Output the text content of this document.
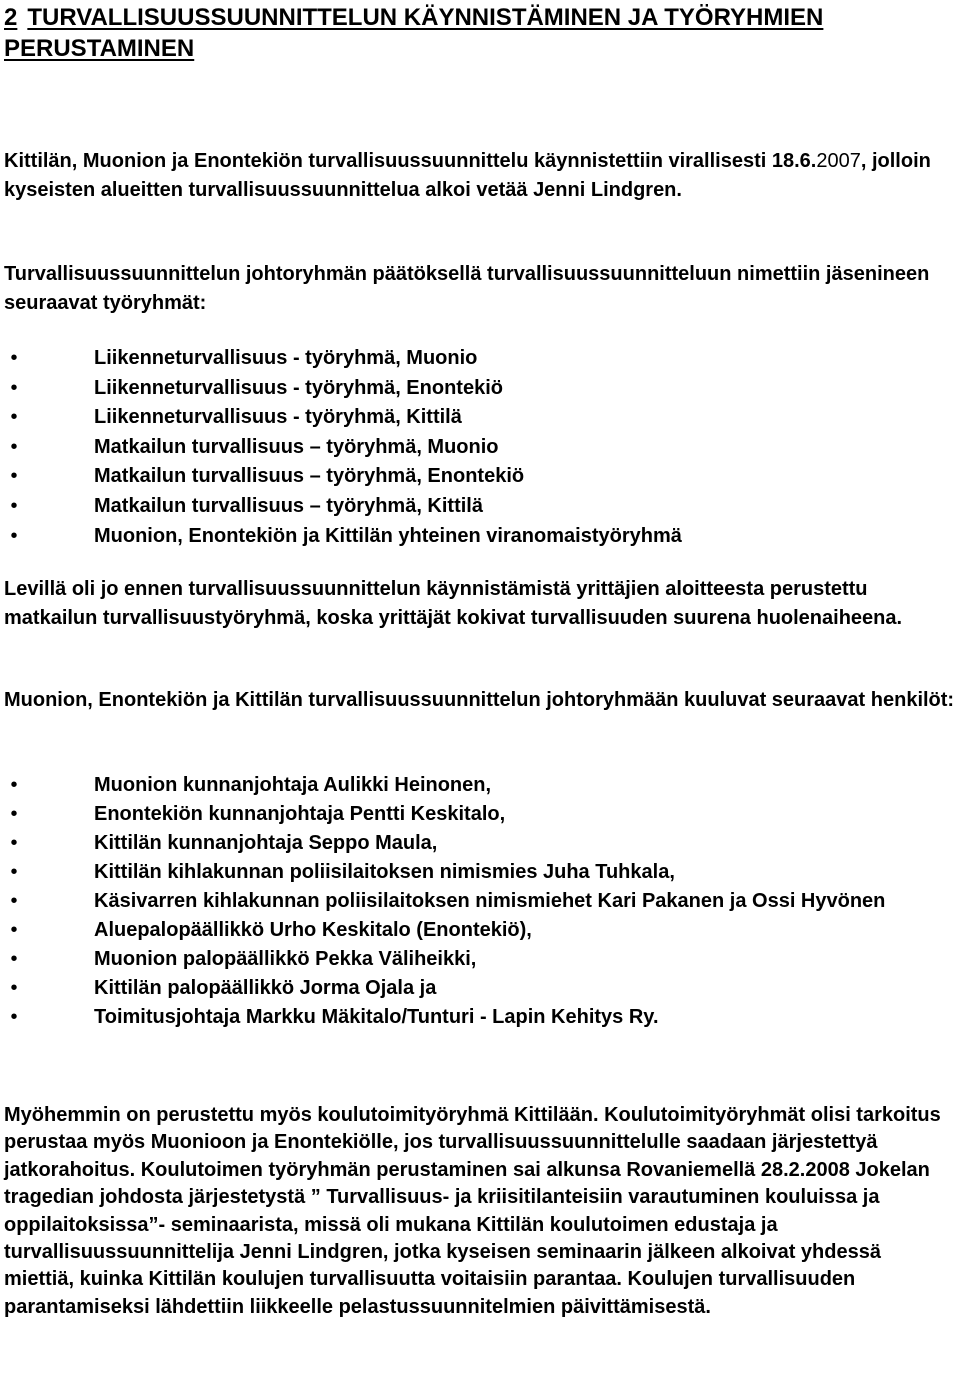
2 TURVALLISUUSSUUNNITTELUN KÄYNNISTÄMINEN JA TYÖRYHMIEN PERUSTAMINEN

Kittilän, Muonion ja Enontekiön turvallisuussuunnittelu käynnistettiin virallisesti 18.6.2007, jolloin kyseisten alueitten turvallisuussuunnittelua alkoi vetää Jenni Lindgren.

Turvallisuussuunnittelun johtoryhmän päätöksellä turvallisuussuunnitteluun nimettiin jäsenineen seuraavat työryhmät:

•	Liikenneturvallisuus - työryhmä, Muonio
•	Liikenneturvallisuus - työryhmä, Enontekiö
•	Liikenneturvallisuus - työryhmä, Kittilä
•	Matkailun turvallisuus – työryhmä, Muonio
•	Matkailun turvallisuus – työryhmä, Enontekiö
•	Matkailun turvallisuus – työryhmä, Kittilä
•	Muonion, Enontekiön ja Kittilän yhteinen viranomaistyöryhmä

Levillä oli jo ennen turvallisuussuunnittelun käynnistämistä yrittäjien aloitteesta perustettu matkailun turvallisuustyöryhmä, koska yrittäjät kokivat turvallisuuden suurena huolenaiheena.

Muonion, Enontekiön ja Kittilän turvallisuussuunnittelun johtoryhmään kuuluvat seuraavat henkilöt:

•	Muonion kunnanjohtaja Aulikki Heinonen,
•	Enontekiön kunnanjohtaja Pentti Keskitalo,
•	Kittilän kunnanjohtaja Seppo Maula,
•	Kittilän kihlakunnan poliisilaitoksen nimismies Juha Tuhkala,
•	Käsivarren kihlakunnan poliisilaitoksen nimismiehet Kari Pakanen ja Ossi Hyvönen
•	Aluepalopäällikkö Urho Keskitalo (Enontekiö),
•	Muonion palopäällikkö Pekka Väliheikki,
•	Kittilän palopäällikkö Jorma Ojala ja
•	Toimitusjohtaja Markku Mäkitalo/Tunturi - Lapin Kehitys Ry.

Myöhemmin on perustettu myös koulutoimityöryhmä Kittilään. Koulutoimityöryhmät olisi tarkoitus perustaa myös Muonioon ja Enontekiölle, jos turvallisuussuunnittelulle saadaan järjestettyä jatkorahoitus. Koulutoimen työryhmän perustaminen sai alkunsa Rovaniemellä 28.2.2008 Jokelan tragedian johdosta järjestetystä ” Turvallisuus- ja kriisitilanteisiin varautuminen kouluissa ja oppilaitoksissa”- seminaarista, missä oli mukana Kittilän koulutoimen edustaja ja turvallisuussuunnittelija Jenni Lindgren, jotka kyseisen seminaarin jälkeen alkoivat yhdessä miettiä, kuinka Kittilän koulujen turvallisuutta voitaisiin parantaa. Koulujen turvallisuuden parantamiseksi lähdettiin liikkeelle pelastussuunnitelmien päivittämisestä.
